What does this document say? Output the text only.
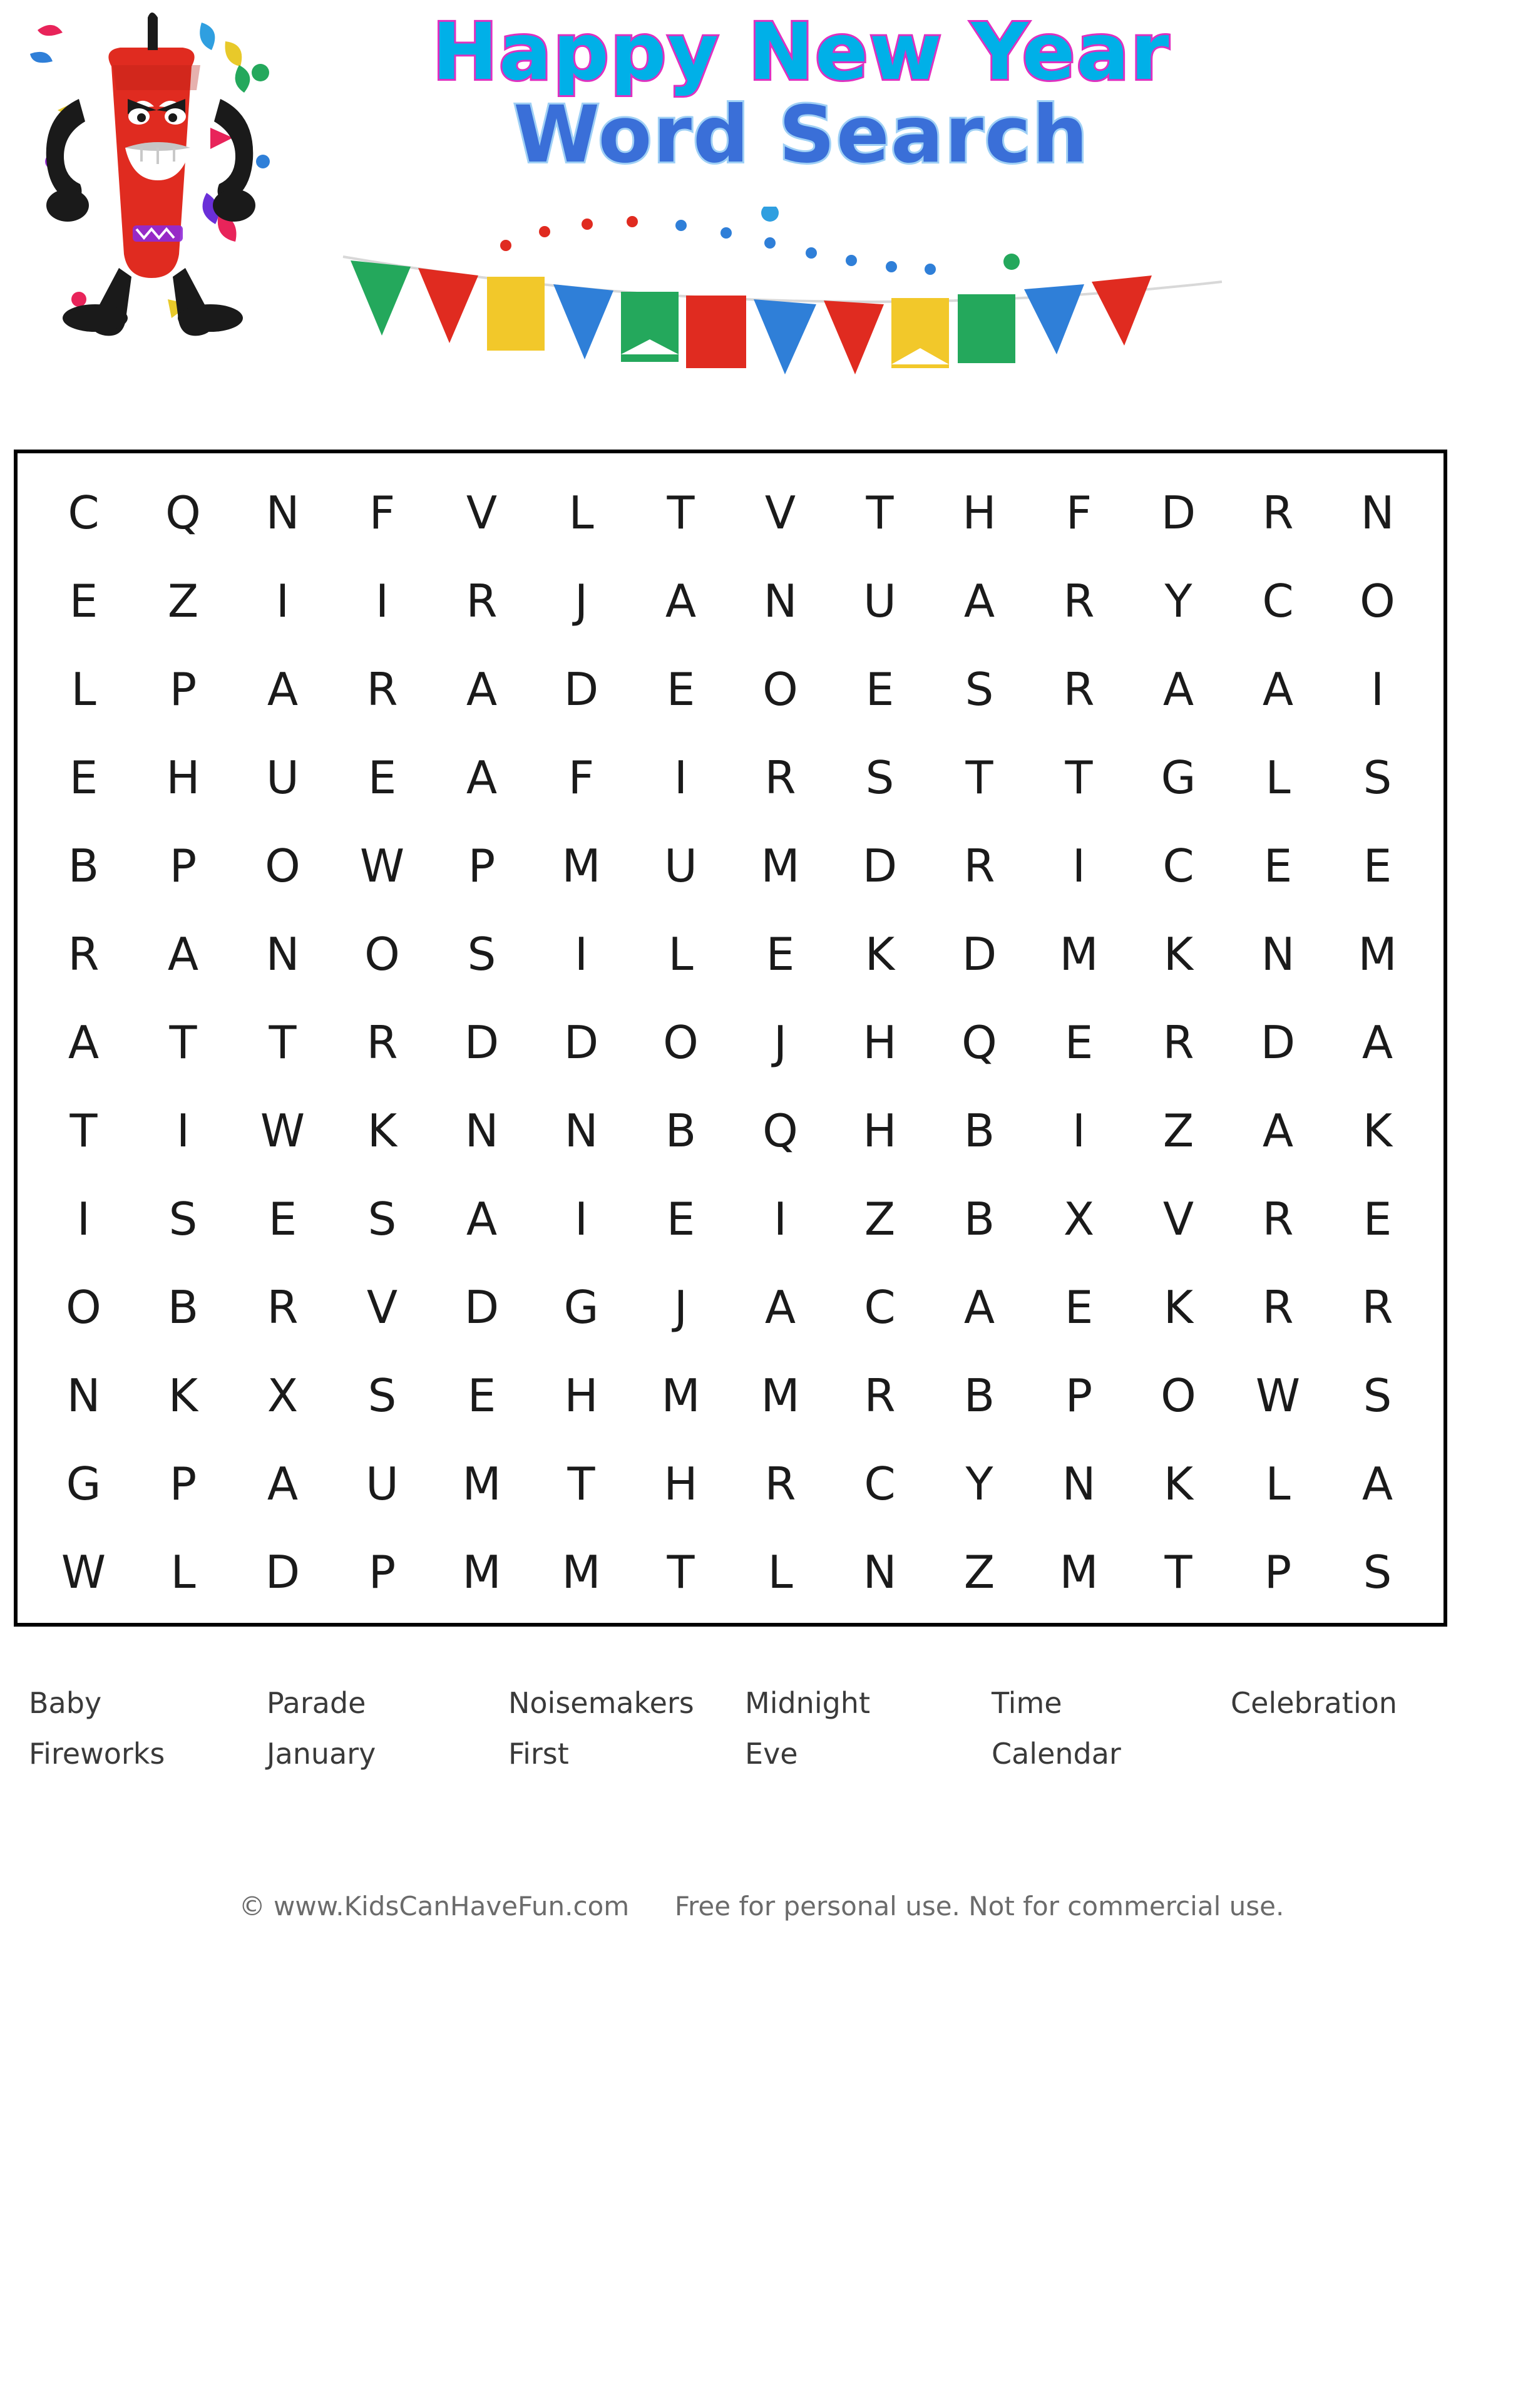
Happy New Year
Word Search
C	Q	N	F	V	L	T	V	T	H	F	D	R	N
E	Z	I	I	R	J	A	N	U	A	R	Y	C	O
L	P	A	R	A	D	E	O	E	S	R	A	A	I
E	H	U	E	A	F	I	R	S	T	T	G	L	S
B	P	O	W	P	M	U	M	D	R	I	C	E	E
R	A	N	O	S	I	L	E	K	D	M	K	N	M
A	T	T	R	D	D	O	J	H	Q	E	R	D	A
T	I	W	K	N	N	B	Q	H	B	I	Z	A	K
I	S	E	S	A	I	E	I	Z	B	X	V	R	E
O	B	R	V	D	G	J	A	C	A	E	K	R	R
N	K	X	S	E	H	M	M	R	B	P	O	W	S
G	P	A	U	M	T	H	R	C	Y	N	K	L	A
W	L	D	P	M	M	T	L	N	Z	M	T	P	S
Baby
Fireworks
Parade
January
Noisemakers
First
Midnight
Eve
Time
Calendar
Celebration
© www.KidsCanHaveFun.com Free for personal use. Not for commercial use.
